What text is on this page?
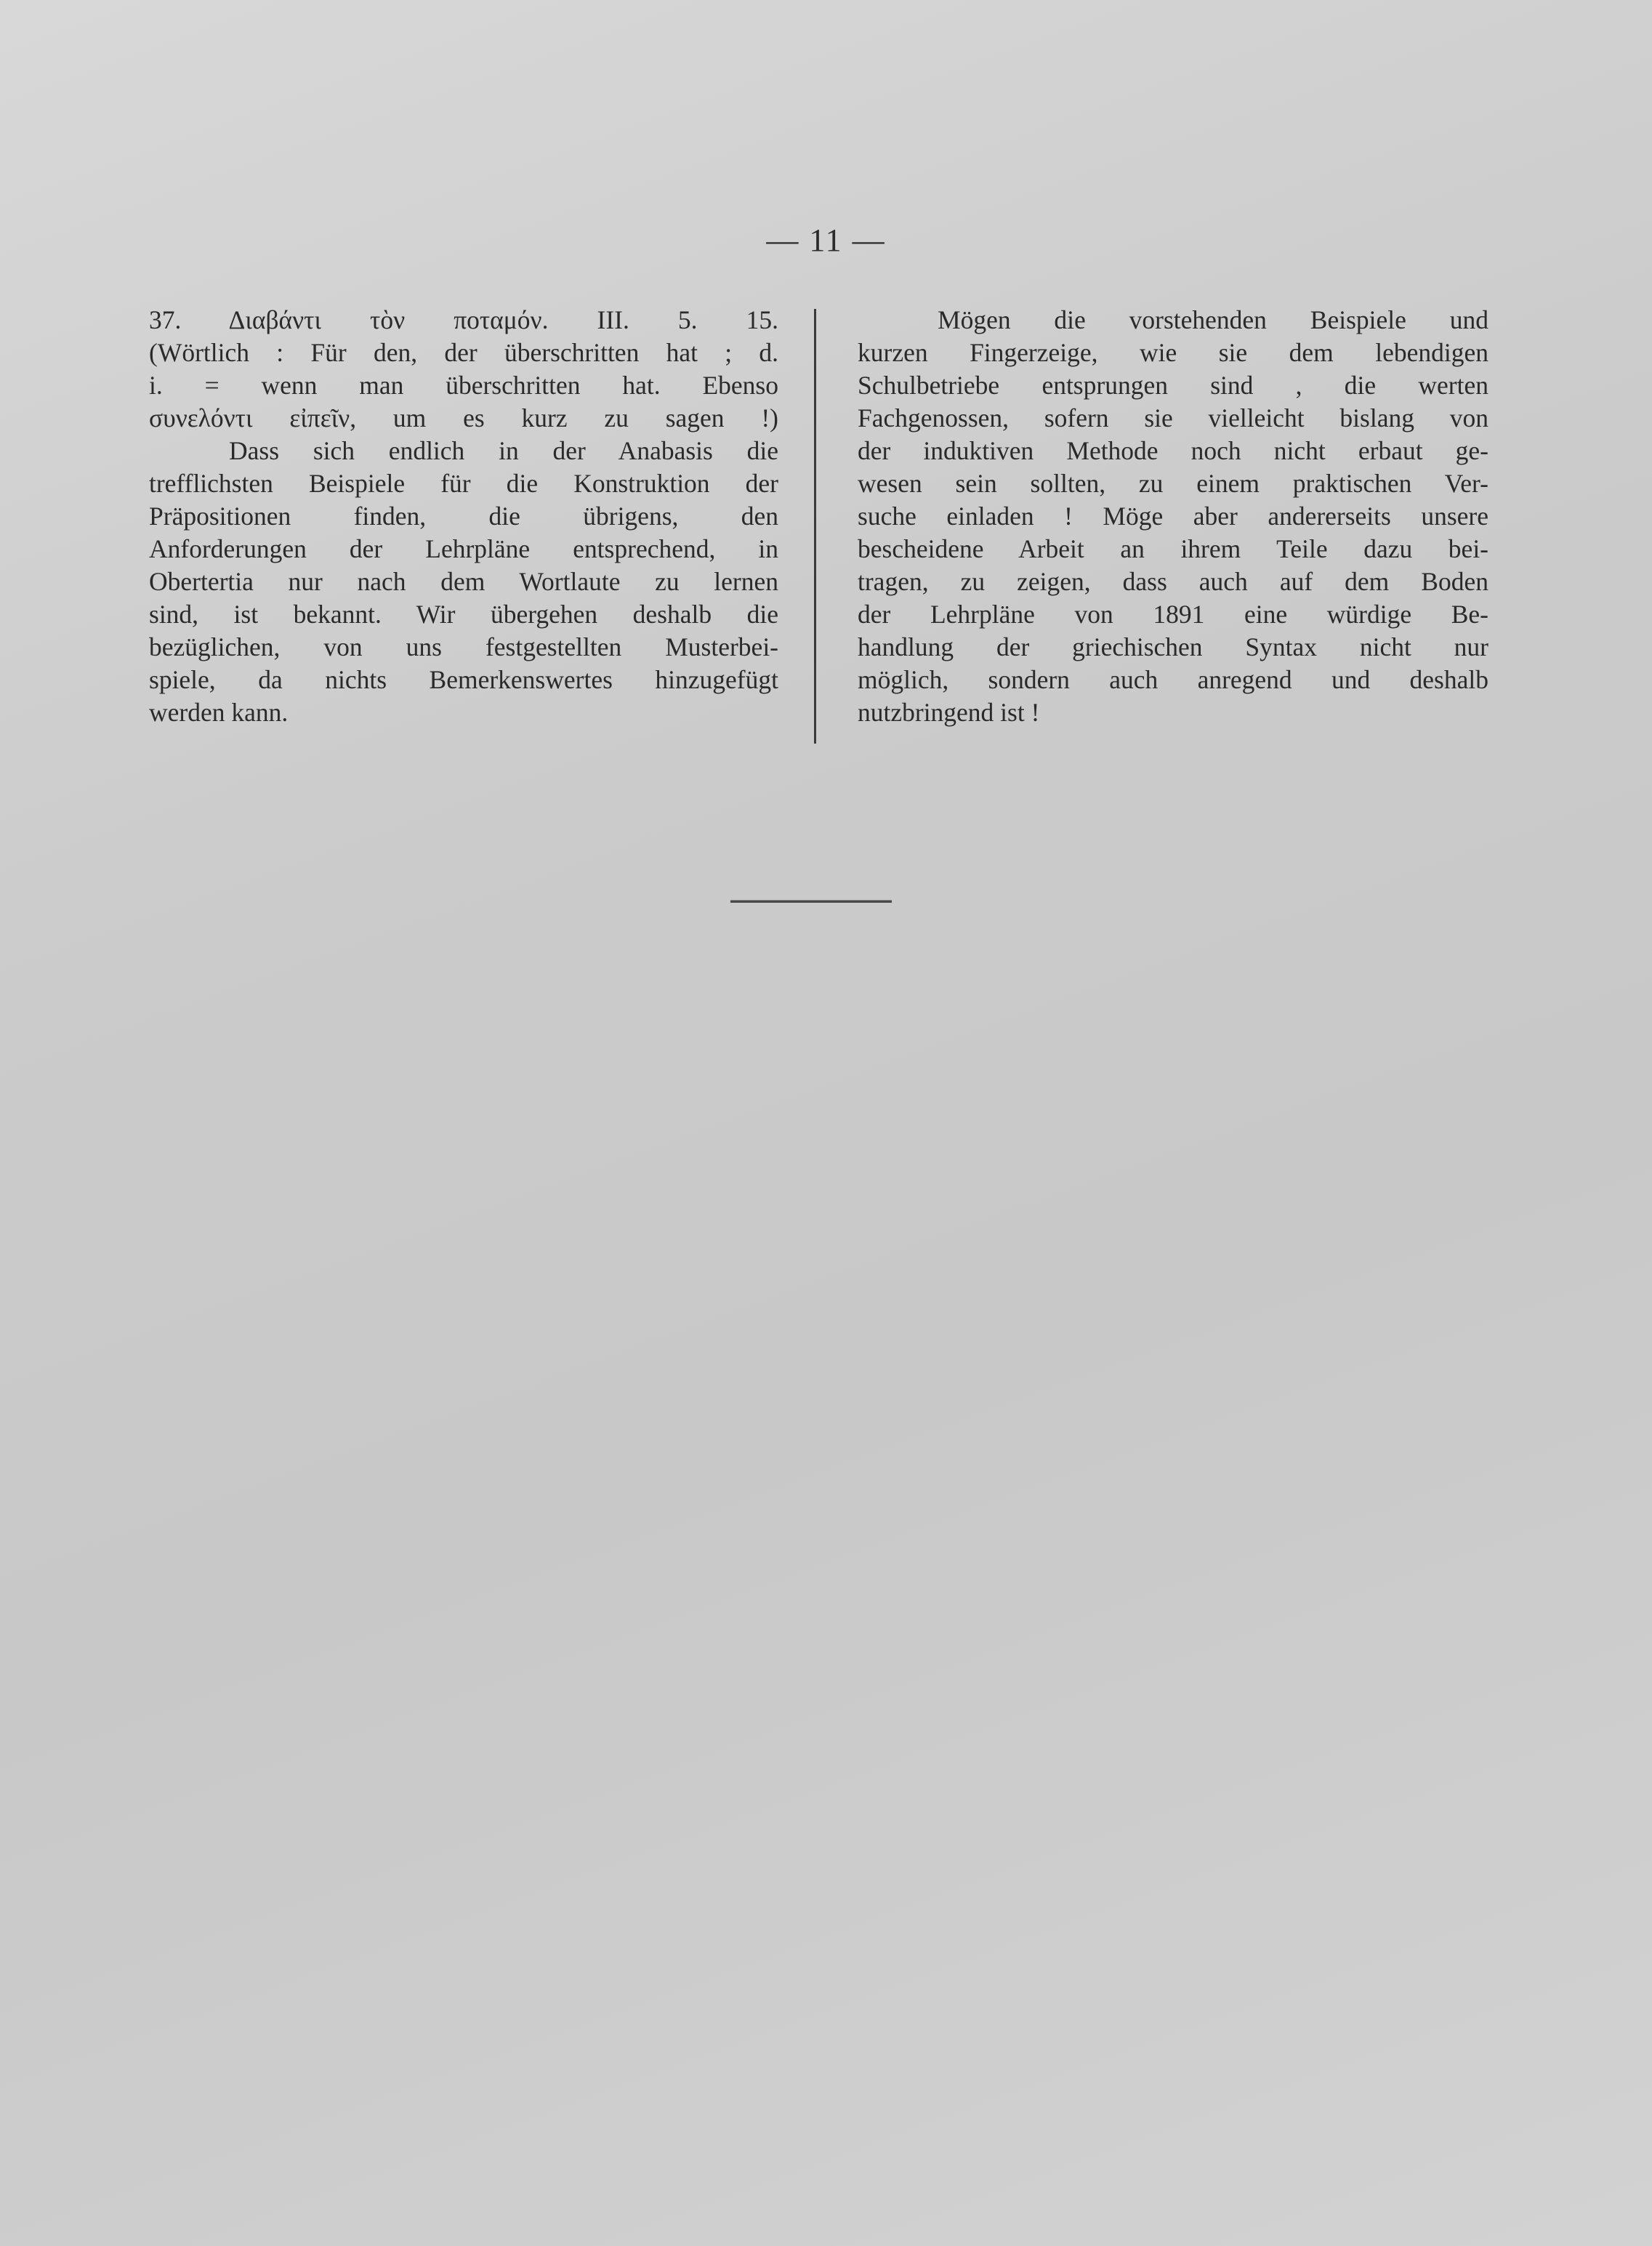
— 11 —
37. Διαβάντι τὸν ποταμόν. III. 5. 15.
(Wörtlich : Für den, der überschritten hat ; d.
i. = wenn man überschritten hat. Ebenso
συνελόντι εἰπεῖν, um es kurz zu sagen !)
Dass sich endlich in der Anabasis die
trefflichsten Beispiele für die Konstruktion der
Präpositionen finden, die übrigens, den
Anforderungen der Lehrpläne entsprechend, in
Obertertia nur nach dem Wortlaute zu lernen
sind, ist bekannt. Wir übergehen deshalb die
bezüglichen, von uns festgestellten Musterbei-
spiele, da nichts Bemerkenswertes hinzugefügt
werden kann.
Mögen die vorstehenden Beispiele und
kurzen Fingerzeige, wie sie dem lebendigen
Schulbetriebe entsprungen sind , die werten
Fachgenossen, sofern sie vielleicht bislang von
der induktiven Methode noch nicht erbaut ge-
wesen sein sollten, zu einem praktischen Ver-
suche einladen ! Möge aber andererseits unsere
bescheidene Arbeit an ihrem Teile dazu bei-
tragen, zu zeigen, dass auch auf dem Boden
der Lehrpläne von 1891 eine würdige Be-
handlung der griechischen Syntax nicht nur
möglich, sondern auch anregend und deshalb
nutzbringend ist !
